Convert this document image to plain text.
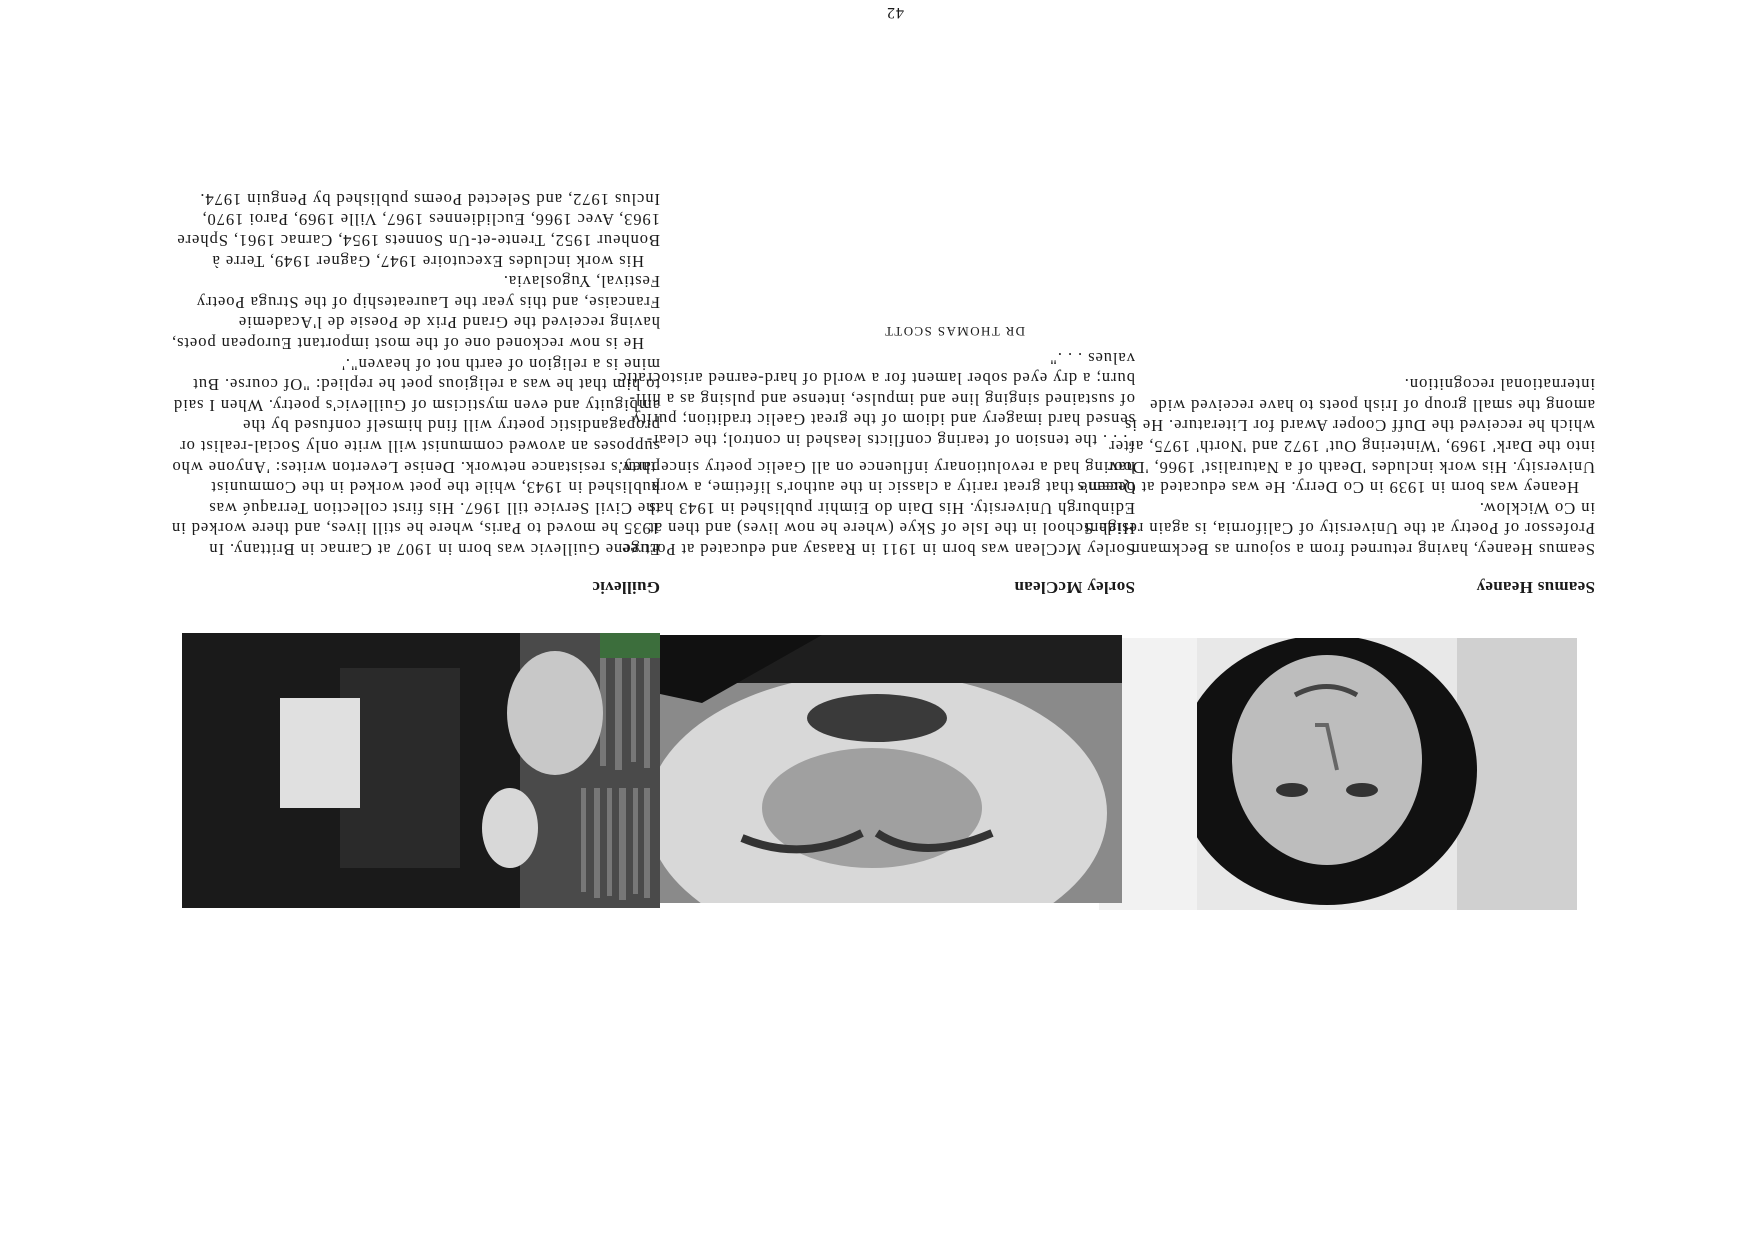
42
Seamus Heaney

Seamus Heaney, having returned from a sojourn as Beckmann Professor of Poetry at the University of California, is again resident in Co Wicklow.

Heaney was born in 1939 in Co Derry. He was educated at Queen's University. His work includes 'Death of a Naturalist' 1966, 'Door into the Dark' 1969, 'Wintering Out' 1972 and 'North' 1975, after which he received the Duff Cooper Award for Literature. He is among the small group of Irish poets to have received wide international recognition.

Sorley McClean

Sorley McClean was born in 1911 in Raasay and educated at Portree High School in the Isle of Skye (where he now lives) and then at Edinburgh University. His Dain do Eimhir published in 1943 has became that great rarity a classic in the author's lifetime, a work having had a revolutionary influence on all Gaelic poetry since then.

". . . the tension of tearing conflicts leashed in control; the clear-sensed hard imagery and idiom of the great Gaelic tradition; purity of sustained singing line and impulse, intense and pulsing as a hill-burn; a dry eyed sober lament for a world of hard-earned aristocratic values . . ."

DR THOMAS SCOTT
Guillevic

Eugene Guillevic was born in 1907 at Carnac in Brittany. In 1935 he moved to Paris, where he still lives, and there worked in the Civil Service till 1967. His first collection Terraqué was published in 1943, while the poet worked in the Communist party's resistance network. Denise Leverton writes: 'Anyone who supposes an avowed communist will write only Social-realist or propagandistic poetry will find himself confused by the ambiguity and even mysticism of Guillevic's poetry. When I said to him that he was a religious poet he replied: "Of course. But mine is a religion of earth not of heaven".'

He is now reckoned one of the most important European poets, having received the Grand Prix de Poesie de l'Academie Francaise, and this year the Laureateship of the Struga Poetry Festival, Yugoslavia.

His work includes Executoire 1947, Gagner 1949, Terre à Bonheur 1952, Trente-et-Un Sonnets 1954, Carnac 1961, Sphere 1963, Avec 1966, Euclidiennes 1967, Ville 1969, Paroi 1970, Inclus 1972, and Selected Poems published by Penguin 1974.
